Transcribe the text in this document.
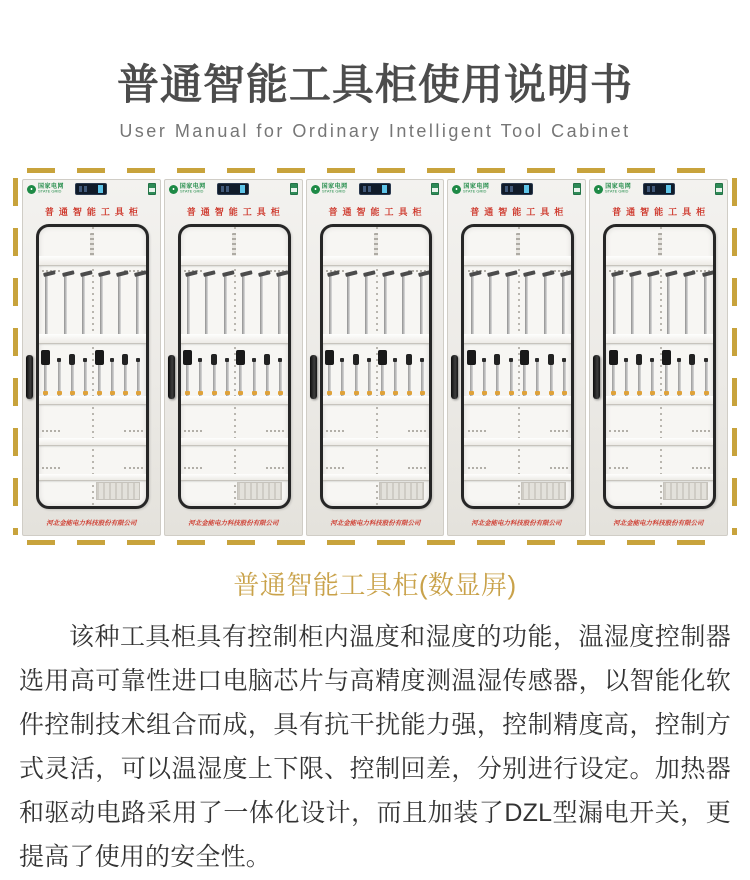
普通智能工具柜使用说明书
User Manual for Ordinary Intelligent Tool Cabinet
国家电网
STATE GRID
普通智能工具柜
河北金能电力科技股份有限公司
国家电网
STATE GRID
普通智能工具柜
河北金能电力科技股份有限公司
国家电网
STATE GRID
普通智能工具柜
河北金能电力科技股份有限公司
国家电网
STATE GRID
普通智能工具柜
河北金能电力科技股份有限公司
国家电网
STATE GRID
普通智能工具柜
河北金能电力科技股份有限公司
普通智能工具柜(数显屏)
该种工具柜具有控制柜内温度和湿度的功能，温湿度控制器选用高可靠性进口电脑芯片与高精度测温湿传感器，以智能化软件控制技术组合而成，具有抗干扰能力强，控制精度高，控制方式灵活，可以温湿度上下限、控制回差，分别进行设定。加热器和驱动电路采用了一体化设计，而且加装了DZL型漏电开关，更提高了使用的安全性。
